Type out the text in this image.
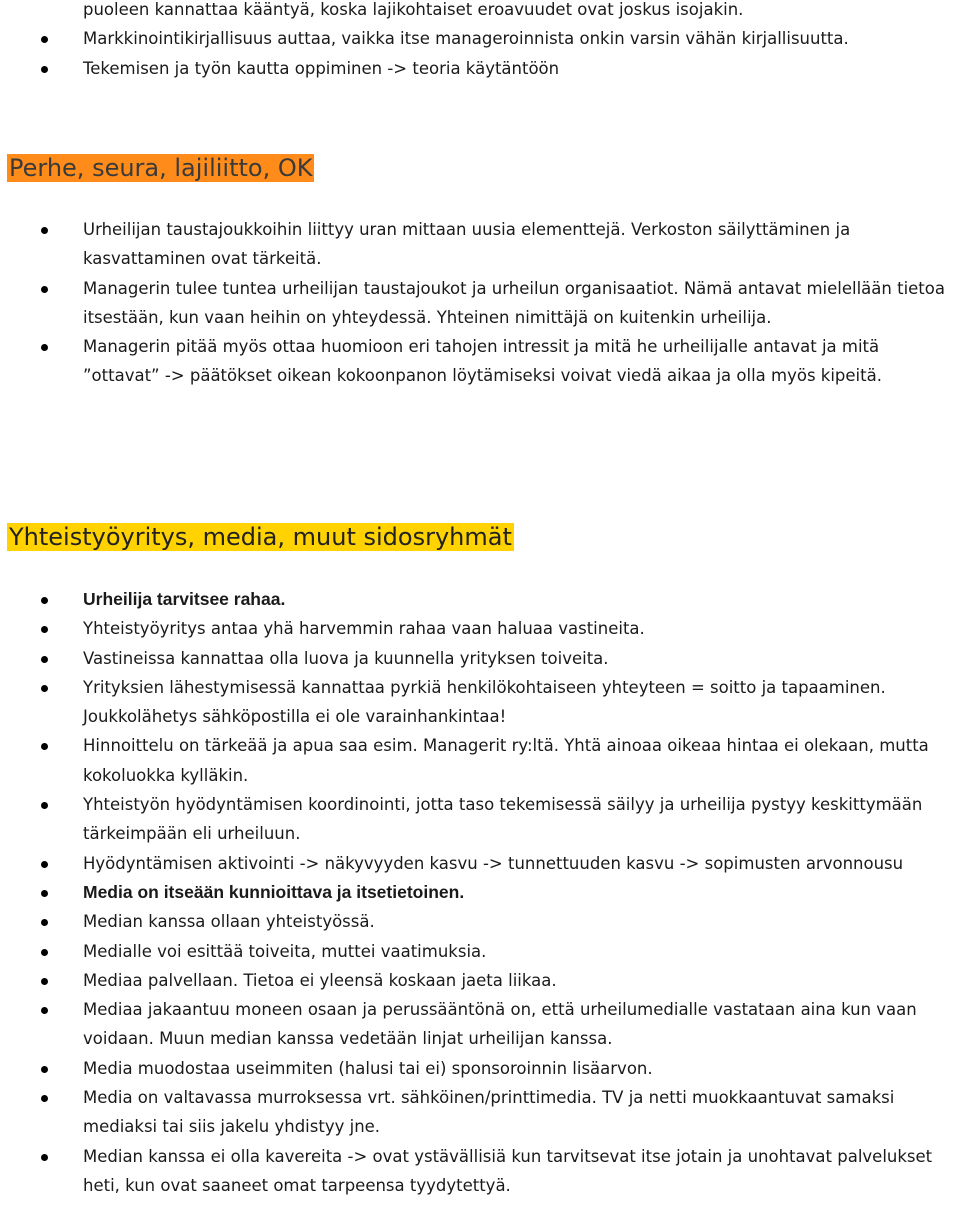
puoleen kannattaa kääntyä, koska lajikohtaiset eroavuudet ovat joskus isojakin.
Markkinointikirjallisuus auttaa, vaikka itse manageroinnista onkin varsin vähän kirjallisuutta.
Tekemisen ja työn kautta oppiminen -> teoria käytäntöön
Perhe, seura, lajiliitto, OK
Urheilijan taustajoukkoihin liittyy uran mittaan uusia elementtejä. Verkoston säilyttäminen ja kasvattaminen ovat tärkeitä.
Managerin tulee tuntea urheilijan taustajoukot ja urheilun organisaatiot. Nämä antavat mielellään tietoa itsestään, kun vaan heihin on yhteydessä. Yhteinen nimittäjä on kuitenkin urheilija.
Managerin pitää myös ottaa huomioon eri tahojen intressit ja mitä he urheilijalle antavat ja mitä ”ottavat” -> päätökset oikean kokoonpanon löytämiseksi voivat viedä aikaa ja olla myös kipeitä.
Yhteistyöyritys, media, muut sidosryhmät
Urheilija tarvitsee rahaa.
Yhteistyöyritys antaa yhä harvemmin rahaa vaan haluaa vastineita.
Vastineissa kannattaa olla luova ja kuunnella yrityksen toiveita.
Yrityksien lähestymisessä kannattaa pyrkiä henkilökohtaiseen yhteyteen = soitto ja tapaaminen. Joukkolähetys sähköpostilla ei ole varainhankintaa!
Hinnoittelu on tärkeää ja apua saa esim. Managerit ry:ltä. Yhtä ainoaa oikeaa hintaa ei olekaan, mutta kokoluokka kylläkin.
Yhteistyön hyödyntämisen koordinointi, jotta taso tekemisessä säilyy ja urheilija pystyy keskittymään tärkeimpään eli urheiluun.
Hyödyntämisen aktivointi -> näkyvyyden kasvu -> tunnettuuden kasvu -> sopimusten arvonnousu
Media on itseään kunnioittava ja itsetietoinen.
Median kanssa ollaan yhteistyössä.
Medialle voi esittää toiveita, muttei vaatimuksia.
Mediaa palvellaan. Tietoa ei yleensä koskaan jaeta liikaa.
Mediaa jakaantuu moneen osaan ja perussääntönä on, että urheilumedialle vastataan aina kun vaan voidaan. Muun median kanssa vedetään linjat urheilijan kanssa.
Media muodostaa useimmiten (halusi tai ei) sponsoroinnin lisäarvon.
Media on valtavassa murroksessa vrt. sähköinen/printtimedia. TV ja netti muokkaantuvat samaksi mediaksi tai siis jakelu yhdistyy jne.
Median kanssa ei olla kavereita -> ovat ystävällisiä kun tarvitsevat itse jotain ja unohtavat palvelukset heti, kun ovat saaneet omat tarpeensa tyydytettyä.
